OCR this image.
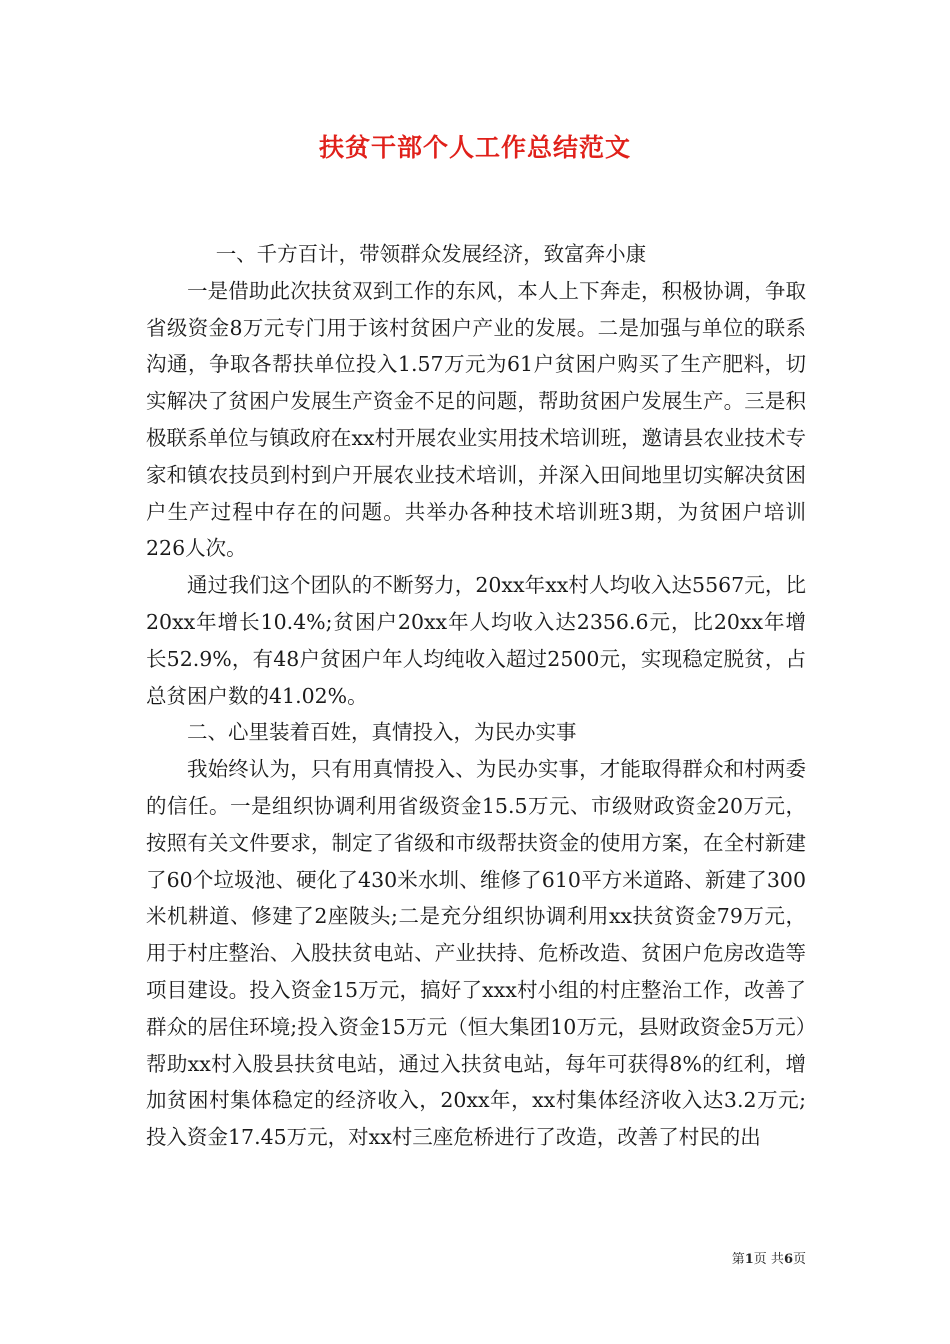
扶贫干部个人工作总结范文

一、千方百计，带领群众发展经济，致富奔小康

一是借助此次扶贫双到工作的东风，本人上下奔走，积极协调，争取省级资金8万元专门用于该村贫困户产业的发展。二是加强与单位的联系沟通，争取各帮扶单位投入1.57万元为61户贫困户购买了生产肥料，切实解决了贫困户发展生产资金不足的问题，帮助贫困户发展生产。三是积极联系单位与镇政府在xx村开展农业实用技术培训班，邀请县农业技术专家和镇农技员到村到户开展农业技术培训，并深入田间地里切实解决贫困户生产过程中存在的问题。共举办各种技术培训班3期，为贫困户培训226人次。

通过我们这个团队的不断努力，20xx年xx村人均收入达5567元，比20xx年增长10.4%;贫困户20xx年人均收入达2356.6元，比20xx年增长52.9%，有48户贫困户年人均纯收入超过2500元，实现稳定脱贫，占总贫困户数的41.02%。

二、心里装着百姓，真情投入，为民办实事

我始终认为，只有用真情投入、为民办实事，才能取得群众和村两委的信任。一是组织协调利用省级资金15.5万元、市级财政资金20万元，按照有关文件要求，制定了省级和市级帮扶资金的使用方案，在全村新建了60个垃圾池、硬化了430米水圳、维修了610平方米道路、新建了300米机耕道、修建了2座陂头;二是充分组织协调利用xx扶贫资金79万元，用于村庄整治、入股扶贫电站、产业扶持、危桥改造、贫困户危房改造等项目建设。投入资金15万元，搞好了xxx村小组的村庄整治工作，改善了群众的居住环境;投入资金15万元（恒大集团10万元，县财政资金5万元）帮助xx村入股县扶贫电站，通过入扶贫电站，每年可获得8%的红利，增加贫困村集体稳定的经济收入，20xx年，xx村集体经济收入达3.2万元;投入资金17.45万元，对xx村三座危桥进行了改造，改善了村民的出

第1页 共6页
